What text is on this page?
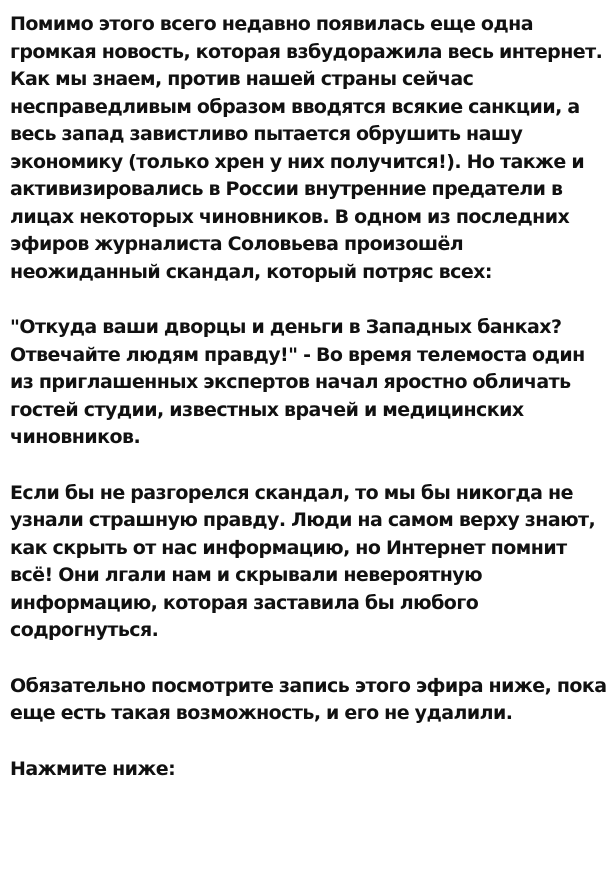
Помимо этого всего недавно появилась еще одна громкая новость, которая взбудоражила весь интернет. Как мы знаем, против нашей страны сейчас несправедливым образом вводятся всякие санкции, а весь запад завистливо пытается обрушить нашу экономику (только хрен у них получится!). Но также и активизировались в России внутренние предатели в лицах некоторых чиновников. В одном из последних эфиров журналиста Соловьева произошёл неожиданный скандал, который потряс всех:

"Откуда ваши дворцы и деньги в Западных банках? Отвечайте людям правду!" - Во время телемоста один из приглашенных экспертов начал яростно обличать гостей студии, известных врачей и медицинских чиновников.

Если бы не разгорелся скандал, то мы бы никогда не узнали страшную правду. Люди на самом верху знают, как скрыть от нас информацию, но Интернет помнит всё! Они лгали нам и скрывали невероятную информацию, которая заставила бы любого содрогнуться.

Обязательно посмотрите запись этого эфира ниже, пока еще есть такая возможность, и его не удалили.

Нажмите ниже:
